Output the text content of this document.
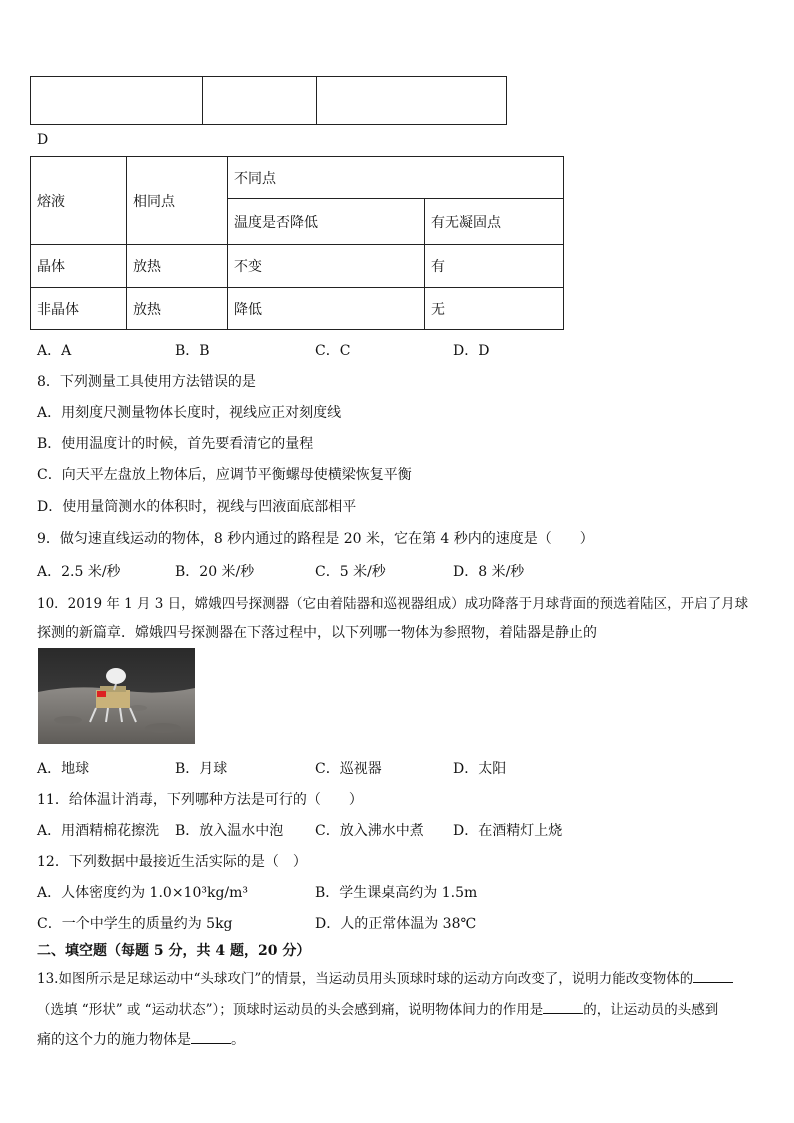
D
熔液	相同点	不同点	
		温度是否降低	有无凝固点
晶体	放热	不变	有
非晶体	放热	降低	无
A．A	B．B	C．C	D．D
8．下列测量工具使用方法错误的是
A．用刻度尺测量物体长度时，视线应正对刻度线
B．使用温度计的时候，首先要看清它的量程
C．向天平左盘放上物体后，应调节平衡螺母使横梁恢复平衡
D．使用量筒测水的体积时，视线与凹液面底部相平
9．做匀速直线运动的物体，8 秒内通过的路程是 20 米，它在第 4 秒内的速度是（　　）
A．2.5 米/秒	B．20 米/秒	C．5 米/秒	D．8 米/秒
10．2019 年 1 月 3 日，嫦娥四号探测器（它由着陆器和巡视器组成）成功降落于月球背面的预选着陆区，开启了月球
探测的新篇章．嫦娥四号探测器在下落过程中，以下列哪一物体为参照物，着陆器是静止的
A．地球	B．月球	C．巡视器	D．太阳
11．给体温计消毒，下列哪种方法是可行的（　　）
A．用酒精棉花擦洗 B．放入温水中泡 C．放入沸水中煮 D．在酒精灯上烧
12．下列数据中最接近生活实际的是（　）
A．人体密度约为 1.0×10³kg/m³	B．学生课桌高约为 1.5m
C．一个中学生的质量约为 5kg	D．人的正常体温为 38℃
二、填空题（每题 5 分，共 4 题，20 分）
13.如图所示是足球运动中“头球攻门”的情景，当运动员用头顶球时球的运动方向改变了，说明力能改变物体的
（选填 “形状” 或 “运动状态”）；顶球时运动员的头会感到痛，说明物体间力的作用是	的，让运动员的头感到
痛的这个力的施力物体是	。
